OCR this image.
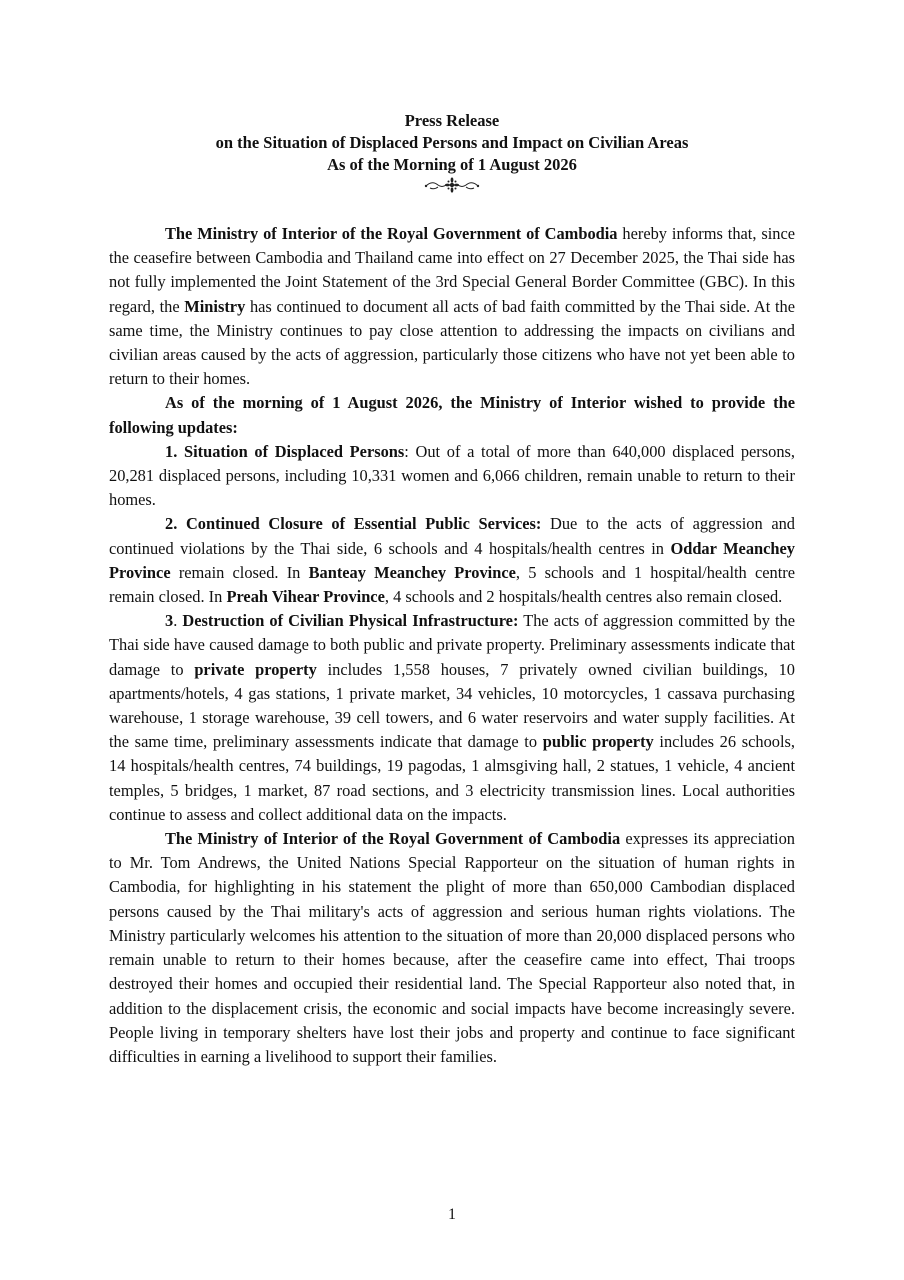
Press Release
on the Situation of Displaced Persons and Impact on Civilian Areas
As of the Morning of 1 August 2026

The Ministry of Interior of the Royal Government of Cambodia hereby informs that, since the ceasefire between Cambodia and Thailand came into effect on 27 December 2025, the Thai side has not fully implemented the Joint Statement of the 3rd Special General Border Committee (GBC). In this regard, the Ministry has continued to document all acts of bad faith committed by the Thai side. At the same time, the Ministry continues to pay close attention to addressing the impacts on civilians and civilian areas caused by the acts of aggression, particularly those citizens who have not yet been able to return to their homes.

As of the morning of 1 August 2026, the Ministry of Interior wished to provide the following updates:

1. Situation of Displaced Persons: Out of a total of more than 640,000 displaced persons, 20,281 displaced persons, including 10,331 women and 6,066 children, remain unable to return to their homes.

2. Continued Closure of Essential Public Services: Due to the acts of aggression and continued violations by the Thai side, 6 schools and 4 hospitals/health centres in Oddar Meanchey Province remain closed. In Banteay Meanchey Province, 5 schools and 1 hospital/health centre remain closed. In Preah Vihear Province, 4 schools and 2 hospitals/health centres also remain closed.

3. Destruction of Civilian Physical Infrastructure: The acts of aggression committed by the Thai side have caused damage to both public and private property. Preliminary assessments indicate that damage to private property includes 1,558 houses, 7 privately owned civilian buildings, 10 apartments/hotels, 4 gas stations, 1 private market, 34 vehicles, 10 motorcycles, 1 cassava purchasing warehouse, 1 storage warehouse, 39 cell towers, and 6 water reservoirs and water supply facilities. At the same time, preliminary assessments indicate that damage to public property includes 26 schools, 14 hospitals/health centres, 74 buildings, 19 pagodas, 1 almsgiving hall, 2 statues, 1 vehicle, 4 ancient temples, 5 bridges, 1 market, 87 road sections, and 3 electricity transmission lines. Local authorities continue to assess and collect additional data on the impacts.

The Ministry of Interior of the Royal Government of Cambodia expresses its appreciation to Mr. Tom Andrews, the United Nations Special Rapporteur on the situation of human rights in Cambodia, for highlighting in his statement the plight of more than 650,000 Cambodian displaced persons caused by the Thai military's acts of aggression and serious human rights violations. The Ministry particularly welcomes his attention to the situation of more than 20,000 displaced persons who remain unable to return to their homes because, after the ceasefire came into effect, Thai troops destroyed their homes and occupied their residential land. The Special Rapporteur also noted that, in addition to the displacement crisis, the economic and social impacts have become increasingly severe. People living in temporary shelters have lost their jobs and property and continue to face significant difficulties in earning a livelihood to support their families.

1
